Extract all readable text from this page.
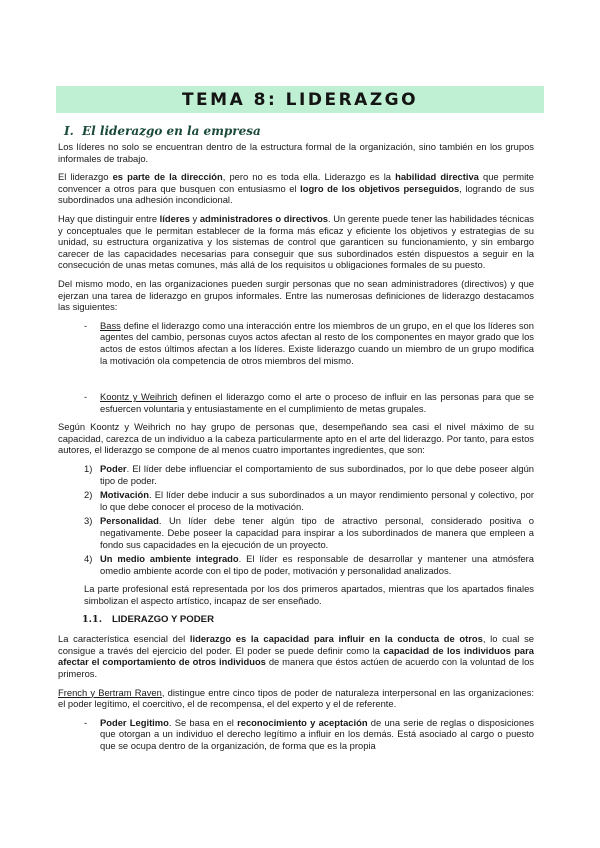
TEMA 8: LIDERAZGO
I. El liderazgo en la empresa

Los líderes no solo se encuentran dentro de la estructura formal de la organización, sino también en los grupos informales de trabajo.

El liderazgo es parte de la dirección, pero no es toda ella. Liderazgo es la habilidad directiva que permite convencer a otros para que busquen con entusiasmo el logro de los objetivos perseguidos, logrando de sus subordinados una adhesión incondicional.

Hay que distinguir entre líderes y administradores o directivos. Un gerente puede tener las habilidades técnicas y conceptuales que le permitan establecer de la forma más eficaz y eficiente los objetivos y estrategias de su unidad, su estructura organizativa y los sistemas de control que garanticen su funcionamiento, y sin embargo carecer de las capacidades necesarias para conseguir que sus subordinados estén dispuestos a seguir en la consecución de unas metas comunes, más allá de los requisitos u obligaciones formales de su puesto.

Del mismo modo, en las organizaciones pueden surgir personas que no sean administradores (directivos) y que ejerzan una tarea de liderazgo en grupos informales. Entre las numerosas definiciones de liderazgo destacamos las siguientes:

- Bass define el liderazgo como una interacción entre los miembros de un grupo, en el que los líderes son agentes del cambio, personas cuyos actos afectan al resto de los componentes en mayor grado que los actos de estos últimos afectan a los líderes. Existe liderazgo cuando un miembro de un grupo modifica la motivación ola competencia de otros miembros del mismo.
- Koontz y Weihrich definen el liderazgo como el arte o proceso de influir en las personas para que se esfuercen voluntaria y entusiastamente en el cumplimiento de metas grupales.

Según Koontz y Weihrich no hay grupo de personas que, desempeñando sea casi el nivel máximo de su capacidad, carezca de un individuo a la cabeza particularmente apto en el arte del liderazgo. Por tanto, para estos autores, el liderazgo se compone de al menos cuatro importantes ingredientes, que son:

1) Poder. El líder debe influenciar el comportamiento de sus subordinados, por lo que debe poseer algún tipo de poder.
2) Motivación. El líder debe inducir a sus subordinados a un mayor rendimiento personal y colectivo, por lo que debe conocer el proceso de la motivación.
3) Personalidad. Un líder debe tener algún tipo de atractivo personal, considerado positiva o negativamente. Debe poseer la capacidad para inspirar a los subordinados de manera que empleen a fondo sus capacidades en la ejecución de un proyecto.
4) Un medio ambiente integrado. El líder es responsable de desarrollar y mantener una atmósfera omedio ambiente acorde con el tipo de poder, motivación y personalidad analizados.

La parte profesional está representada por los dos primeros apartados, mientras que los apartados finales simbolizan el aspecto artístico, incapaz de ser enseñado.

1.1.	LIDERAZGO Y PODER

La característica esencial del liderazgo es la capacidad para influir en la conducta de otros, lo cual se consigue a través del ejercicio del poder. El poder se puede definir como la capacidad de los individuos para afectar el comportamiento de otros individuos de manera que éstos actúen de acuerdo con la voluntad de los primeros.

French y Bertram Raven, distingue entre cinco tipos de poder de naturaleza interpersonal en las organizaciones: el poder legítimo, el coercitivo, el de recompensa, el del experto y el de referente.

- Poder Legitimo. Se basa en el reconocimiento y aceptación de una serie de reglas o disposiciones que otorgan a un individuo el derecho legítimo a influir en los demás. Está asociado al cargo o puesto que se ocupa dentro de la organización, de forma que es la propia
